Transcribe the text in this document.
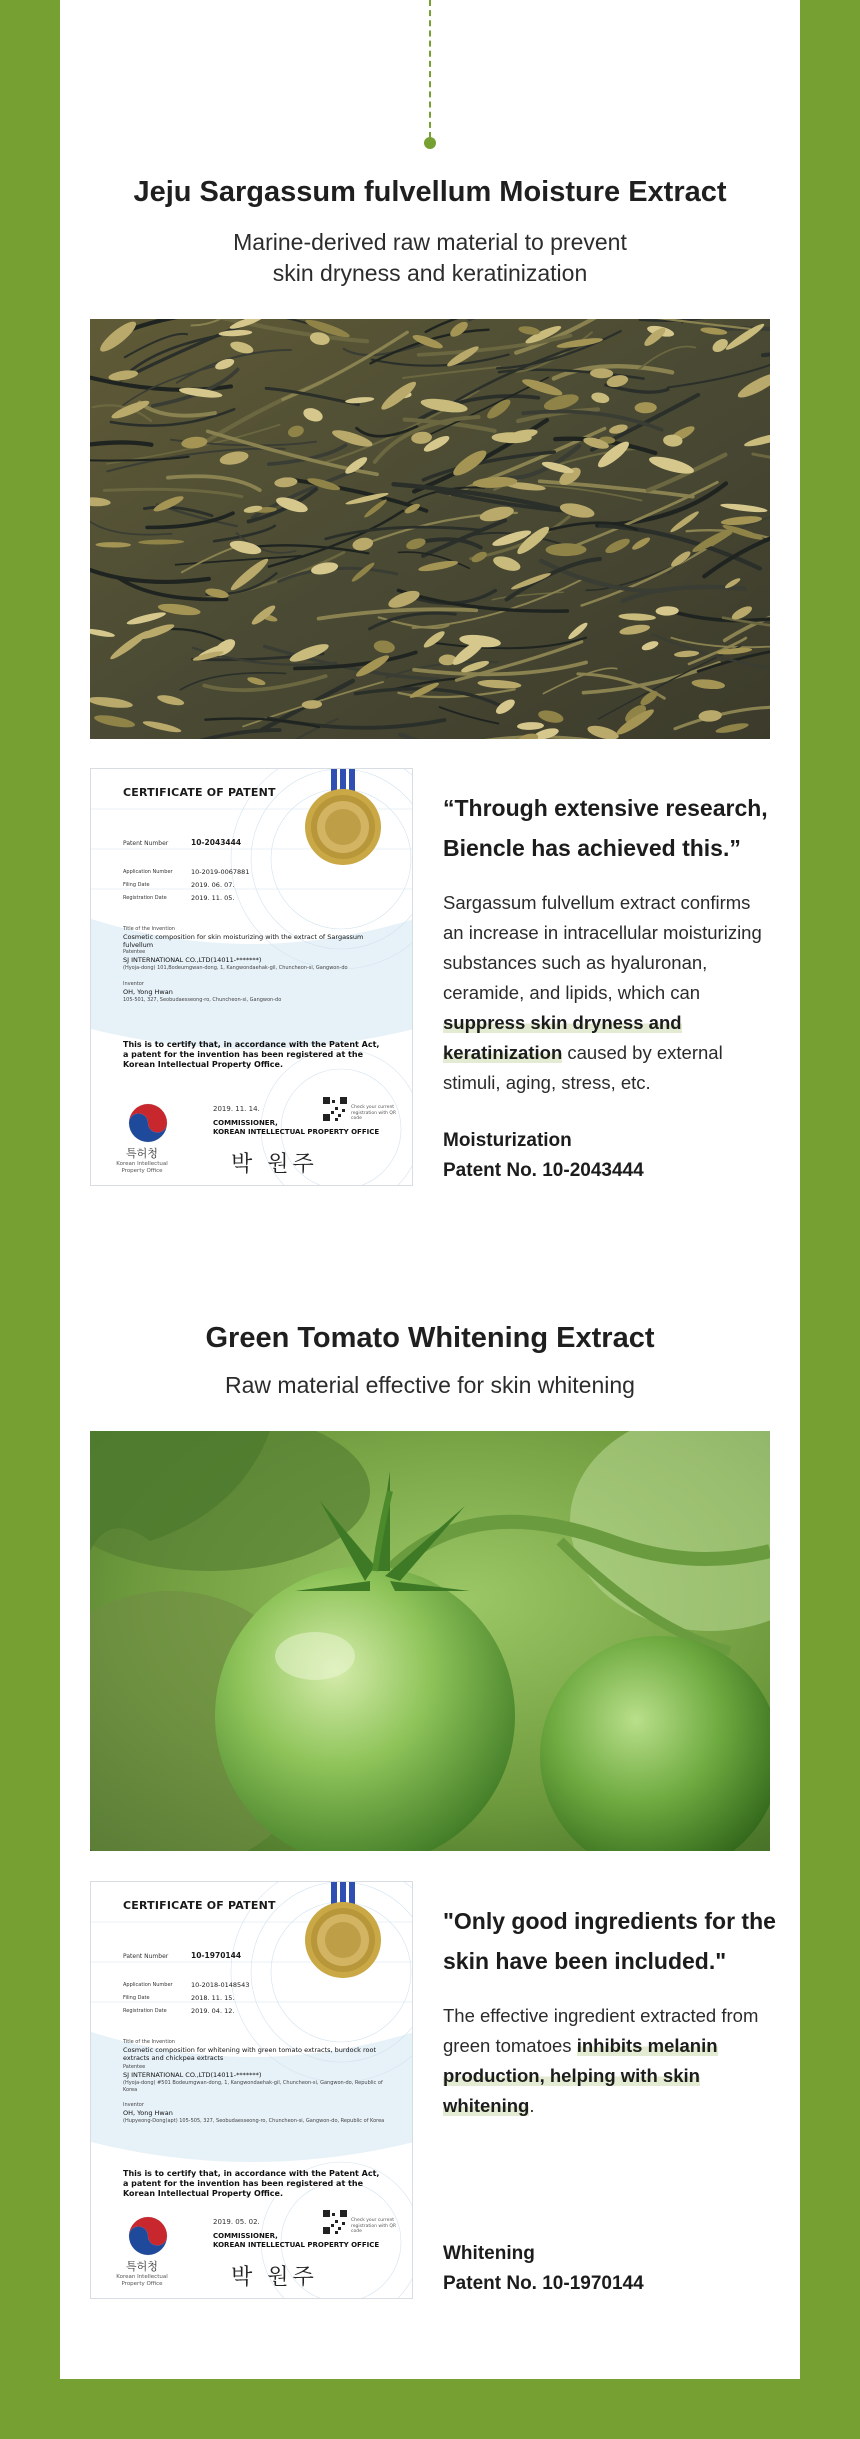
Jeju Sargassum fulvellum Moisture Extract
Marine-derived raw material to prevent
skin dryness and keratinization
CERTIFICATE OF PATENT
Patent Number	10-2043444
Application Number	10-2019-0067881
Filing Date	2019. 06. 07.
Registration Date	2019. 11. 05.
Title of the Invention
Cosmetic composition for skin moisturizing with the extract of Sargassum fulvellum
Patentee
SJ INTERNATIONAL CO.,LTD(14011-*******)
(Hyoja-dong) 101,Bodeumgwan-dong, 1, Kangwondaehak-gil, Chuncheon-si, Gangwon-do
Inventor
OH, Yong Hwan
105-501, 327, Seobudaesseong-ro, Chuncheon-si, Gangwon-do
This is to certify that, in accordance with the Patent Act, a patent for the invention has been registered at the Korean Intellectual Property Office.
2019. 11. 14.
COMMISSIONER,
KOREAN INTELLECTUAL PROPERTY OFFICE
Check your current registration with QR code
박 원주
특허청
Korean Intellectual Property Office
“Through extensive research, Biencle has achieved this.”
Sargassum fulvellum extract confirms an increase in intracellular moisturizing substances such as hyaluronan, ceramide, and lipids, which can suppress skin dryness and keratinization caused by external stimuli, aging, stress, etc.
Moisturization
Patent No. 10-2043444
Green Tomato Whitening Extract
Raw material effective for skin whitening
CERTIFICATE OF PATENT
Patent Number	10-1970144
Application Number	10-2018-0148543
Filing Date	2018. 11. 15.
Registration Date	2019. 04. 12.
Title of the Invention
Cosmetic composition for whitening with green tomato extracts, burdock root extracts and chickpea extracts
Patentee
SJ INTERNATIONAL CO.,LTD(14011-*******)
(Hyoja-dong) #501 Bodeumgwan-dong, 1, Kangwondaehak-gil, Chuncheon-si, Gangwon-do, Republic of Korea
Inventor
OH, Yong Hwan
(Hupyeong-Dong)apt) 105-505, 327, Seobudaesseong-ro, Chuncheon-si, Gangwon-do, Republic of Korea
This is to certify that, in accordance with the Patent Act, a patent for the invention has been registered at the Korean Intellectual Property Office.
2019. 05. 02.
COMMISSIONER,
KOREAN INTELLECTUAL PROPERTY OFFICE
Check your current registration with QR code
박 원주
특허청
Korean Intellectual Property Office
"Only good ingredients for the skin have been included."
The effective ingredient extracted from green tomatoes inhibits melanin production, helping with skin whitening.
Whitening
Patent No. 10-1970144
